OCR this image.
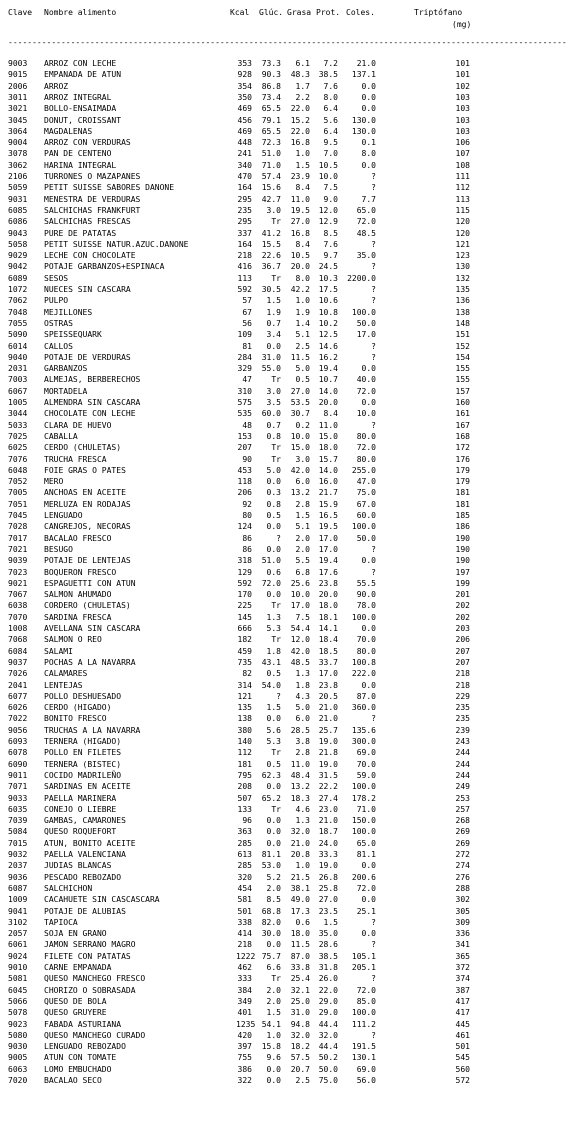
Clave Nombre alimento	Kcal Glúc. Grasa Prot. Coles.	Triptófano
(mg)
--------------------------------------------------------------------------------------------------------------------
9003	ARROZ CON LECHE	353	73.3	6.1	7.2	21.0	101
9015	EMPANADA DE ATUN	928	90.3	48.3	38.5	137.1	101
2006	ARROZ	354	86.8	1.7	7.6	0.0	102
3011	ARROZ INTEGRAL	350	73.4	2.2	8.0	0.0	103
3021	BOLLO-ENSAIMADA	469	65.5	22.0	6.4	0.0	103
3045	DONUT, CROISSANT	456	79.1	15.2	5.6	130.0	103
3064	MAGDALENAS	469	65.5	22.0	6.4	130.0	103
9004	ARROZ CON VERDURAS	448	72.3	16.8	9.5	0.1	106
3078	PAN DE CENTENO	241	51.0	1.0	7.0	8.0	107
3062	HARINA INTEGRAL	340	71.0	1.5	10.5	0.0	108
2106	TURRONES O MAZAPANES	470	57.4	23.9	10.0	?	111
5059	PETIT SUISSE SABORES DANONE	164	15.6	8.4	7.5	?	112
9031	MENESTRA DE VERDURAS	295	42.7	11.0	9.0	7.7	113
6085	SALCHICHAS FRANKFURT	235	3.0	19.5	12.0	65.0	115
6086	SALCHICHAS FRESCAS	295	Tr	27.0	12.9	72.0	120
9043	PURE DE PATATAS	337	41.2	16.8	8.5	48.5	120
5058	PETIT SUISSE NATUR.AZUC.DANONE	164	15.5	8.4	7.6	?	121
9029	LECHE CON CHOCOLATE	218	22.6	10.5	9.7	35.0	123
9042	POTAJE GARBANZOS+ESPINACA	416	36.7	20.0	24.5	?	130
6089	SESOS	113	Tr	8.0	10.3	2200.0	132
1072	NUECES SIN CASCARA	592	30.5	42.2	17.5	?	135
7062	PULPO	57	1.5	1.0	10.6	?	136
7048	MEJILLONES	67	1.9	1.9	10.8	100.0	138
7055	OSTRAS	56	0.7	1.4	10.2	50.0	148
5090	SPEISSEQUARK	109	3.4	5.1	12.5	17.0	151
6014	CALLOS	81	0.0	2.5	14.6	?	152
9040	POTAJE DE VERDURAS	284	31.0	11.5	16.2	?	154
2031	GARBANZOS	329	55.0	5.0	19.4	0.0	155
7003	ALMEJAS, BERBERECHOS	47	Tr	0.5	10.7	40.0	155
6067	MORTADELA	310	3.0	27.0	14.0	72.0	157
1005	ALMENDRA SIN CASCARA	575	3.5	53.5	20.0	0.0	160
3044	CHOCOLATE CON LECHE	535	60.0	30.7	8.4	10.0	161
5033	CLARA DE HUEVO	48	0.7	0.2	11.0	?	167
7025	CABALLA	153	0.8	10.0	15.0	80.0	168
6025	CERDO (CHULETAS)	207	Tr	15.0	18.0	72.0	172
7076	TRUCHA FRESCA	90	Tr	3.0	15.7	80.0	176
6048	FOIE GRAS O PATES	453	5.0	42.0	14.0	255.0	179
7052	MERO	118	0.0	6.0	16.0	47.0	179
7005	ANCHOAS EN ACEITE	206	0.3	13.2	21.7	75.0	181
7051	MERLUZA EN RODAJAS	92	0.8	2.8	15.9	67.0	181
7045	LENGUADO	80	0.5	1.5	16.5	60.0	185
7028	CANGREJOS, NECORAS	124	0.0	5.1	19.5	100.0	186
7017	BACALAO FRESCO	86	?	2.0	17.0	50.0	190
7021	BESUGO	86	0.0	2.0	17.0	?	190
9039	POTAJE DE LENTEJAS	318	51.0	5.5	19.4	0.0	190
7023	BOQUERON FRESCO	129	0.6	6.8	17.6	?	197
9021	ESPAGUETTI CON ATUN	592	72.0	25.6	23.8	55.5	199
7067	SALMON AHUMADO	170	0.0	10.0	20.0	90.0	201
6038	CORDERO (CHULETAS)	225	Tr	17.0	18.0	78.0	202
7070	SARDINA FRESCA	145	1.3	7.5	18.1	100.0	202
1008	AVELLANA SIN CASCARA	666	5.3	54.4	14.1	0.0	203
7068	SALMON O REO	182	Tr	12.0	18.4	70.0	206
6084	SALAMI	459	1.8	42.0	18.5	80.0	207
9037	POCHAS A LA NAVARRA	735	43.1	48.5	33.7	100.8	207
7026	CALAMARES	82	0.5	1.3	17.0	222.0	218
2041	LENTEJAS	314	54.0	1.8	23.8	0.0	218
6077	POLLO DESHUESADO	121	?	4.3	20.5	87.0	229
6026	CERDO (HIGADO)	135	1.5	5.0	21.0	360.0	235
7022	BONITO FRESCO	138	0.0	6.0	21.0	?	235
9056	TRUCHAS A LA NAVARRA	380	5.6	28.5	25.7	135.6	239
6093	TERNERA (HIGADO)	140	5.3	3.8	19.0	300.0	243
6078	POLLO EN FILETES	112	Tr	2.8	21.8	69.0	244
6090	TERNERA (BISTEC)	181	0.5	11.0	19.0	70.0	244
9011	COCIDO MADRILEÑO	795	62.3	48.4	31.5	59.0	244
7071	SARDINAS EN ACEITE	208	0.0	13.2	22.2	100.0	249
9033	PAELLA MARINERA	507	65.2	18.3	27.4	178.2	253
6035	CONEJO O LIEBRE	133	Tr	4.6	23.0	71.0	257
7039	GAMBAS, CAMARONES	96	0.0	1.3	21.0	150.0	268
5084	QUESO ROQUEFORT	363	0.0	32.0	18.7	100.0	269
7015	ATUN, BONITO ACEITE	285	0.0	21.0	24.0	65.0	269
9032	PAELLA VALENCIANA	613	81.1	20.8	33.3	81.1	272
2037	JUDIAS BLANCAS	285	53.0	1.0	19.0	0.0	274
9036	PESCADO REBOZADO	320	5.2	21.5	26.8	200.6	276
6087	SALCHICHON	454	2.0	38.1	25.8	72.0	288
1009	CACAHUETE SIN CASCASCARA	581	8.5	49.0	27.0	0.0	302
9041	POTAJE DE ALUBIAS	501	68.8	17.3	23.5	25.1	305
3102	TAPIOCA	338	82.0	0.6	1.5	?	309
2057	SOJA EN GRANO	414	30.0	18.0	35.0	0.0	336
6061	JAMON SERRANO MAGRO	218	0.0	11.5	28.6	?	341
9024	FILETE CON PATATAS	1222 75.7	87.0	38.5	105.1	365
9010	CARNE EMPANADA	462	6.6	33.8	31.8	205.1	372
5081	QUESO MANCHEGO FRESCO	333	Tr	25.4	26.0	?	374
6045	CHORIZO O SOBRASADA	384	2.0	32.1	22.0	72.0	387
5066	QUESO DE BOLA	349	2.0	25.0	29.0	85.0	417
5078	QUESO GRUYERE	401	1.5	31.0	29.0	100.0	417
9023	FABADA ASTURIANA	1235 54.1	94.8	44.4	111.2	445
5080	QUESO MANCHEGO CURADO	420	1.0	32.0	32.0	?	461
9030	LENGUADO REBOZADO	397	15.8	18.2	44.4	191.5	501
9005	ATUN CON TOMATE	755	9.6	57.5	50.2	130.1	545
6063	LOMO EMBUCHADO	386	0.0	20.7	50.0	69.0	560
7020	BACALAO SECO	322	0.0	2.5	75.0	56.0	572
